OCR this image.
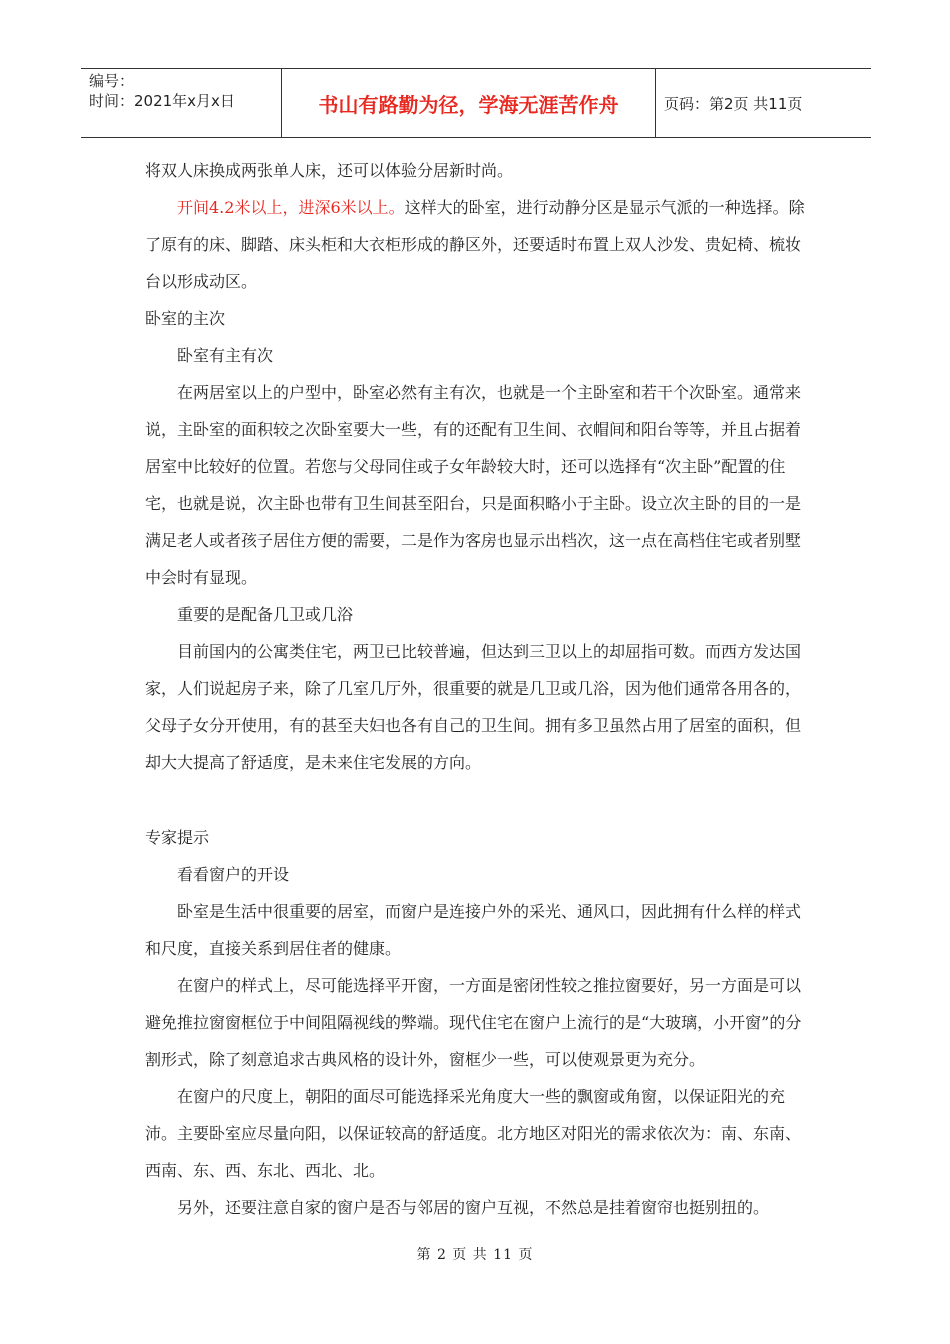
编号：
时间：2021年x月x日	书山有路勤为径，学海无涯苦作舟	页码：第2页 共11页

将双人床换成两张单人床，还可以体验分居新时尚。

开间4.2米以上，进深6米以上。这样大的卧室，进行动静分区是显示气派的一种选择。除了原有的床、脚踏、床头柜和大衣柜形成的静区外，还要适时布置上双人沙发、贵妃椅、梳妆台以形成动区。

卧室的主次

卧室有主有次

在两居室以上的户型中，卧室必然有主有次，也就是一个主卧室和若干个次卧室。通常来说，主卧室的面积较之次卧室要大一些，有的还配有卫生间、衣帽间和阳台等等，并且占据着居室中比较好的位置。若您与父母同住或子女年龄较大时，还可以选择有“次主卧”配置的住宅，也就是说，次主卧也带有卫生间甚至阳台，只是面积略小于主卧。设立次主卧的目的一是满足老人或者孩子居住方便的需要，二是作为客房也显示出档次，这一点在高档住宅或者别墅中会时有显现。

重要的是配备几卫或几浴

目前国内的公寓类住宅，两卫已比较普遍，但达到三卫以上的却屈指可数。而西方发达国家，人们说起房子来，除了几室几厅外，很重要的就是几卫或几浴，因为他们通常各用各的，父母子女分开使用，有的甚至夫妇也各有自己的卫生间。拥有多卫虽然占用了居室的面积，但却大大提高了舒适度，是未来住宅发展的方向。

专家提示

看看窗户的开设

卧室是生活中很重要的居室，而窗户是连接户外的采光、通风口，因此拥有什么样的样式和尺度，直接关系到居住者的健康。

在窗户的样式上，尽可能选择平开窗，一方面是密闭性较之推拉窗要好，另一方面是可以避免推拉窗窗框位于中间阻隔视线的弊端。现代住宅在窗户上流行的是“大玻璃，小开窗”的分割形式，除了刻意追求古典风格的设计外，窗框少一些，可以使观景更为充分。

在窗户的尺度上，朝阳的面尽可能选择采光角度大一些的飘窗或角窗，以保证阳光的充沛。主要卧室应尽量向阳，以保证较高的舒适度。北方地区对阳光的需求依次为：南、东南、西南、东、西、东北、西北、北。

另外，还要注意自家的窗户是否与邻居的窗户互视，不然总是挂着窗帘也挺别扭的。

第 2 页 共 11 页
